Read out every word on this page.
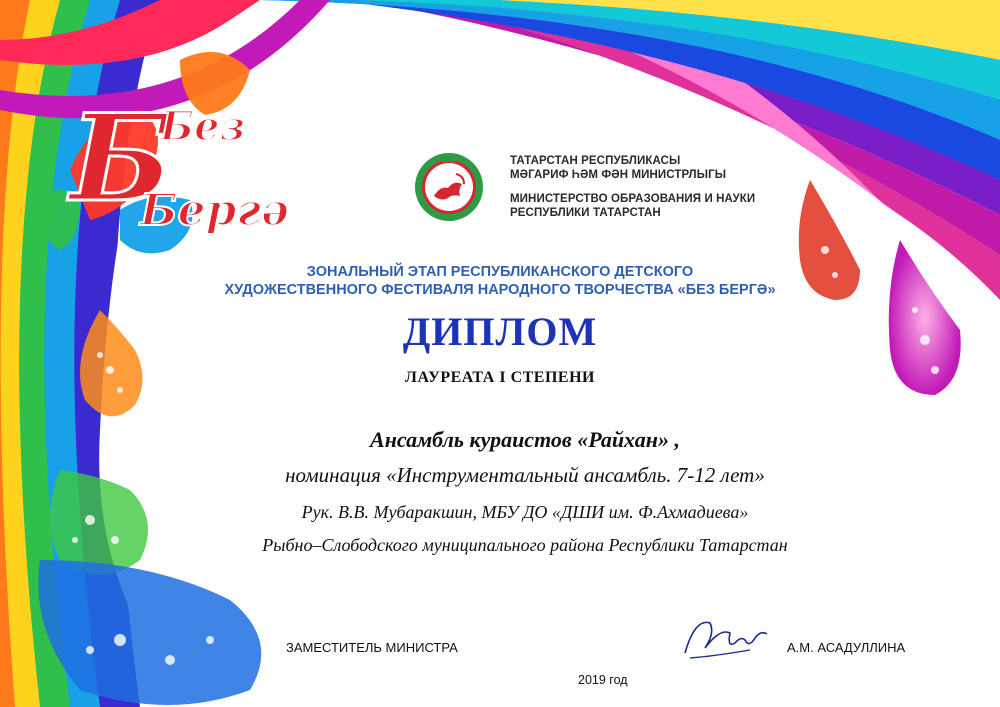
Б
Без
Бергә
ТАТАРСТАН РЕСПУБЛИКАСЫ
МӘГАРИФ ҺӘМ ФӘН МИНИСТРЛЫГЫ
МИНИСТЕРСТВО ОБРАЗОВАНИЯ И НАУКИ
РЕСПУБЛИКИ ТАТАРСТАН
ЗОНАЛЬНЫЙ ЭТАП РЕСПУБЛИКАНСКОГО ДЕТСКОГО
ХУДОЖЕСТВЕННОГО ФЕСТИВАЛЯ НАРОДНОГО ТВОРЧЕСТВА «БЕЗ БЕРГӘ»
ДИПЛОМ
ЛАУРЕАТА I СТЕПЕНИ
Ансамбль кураистов «Райхан» ,
номинация «Инструментальный ансамбль. 7-12 лет»
Рук. В.В. Мубаракшин, МБУ ДО «ДШИ им. Ф.Ахмадиева»
Рыбно–Слободского муниципального района Республики Татарстан
ЗАМЕСТИТЕЛЬ МИНИСТРА	А.М. АСАДУЛЛИНА
2019 год
